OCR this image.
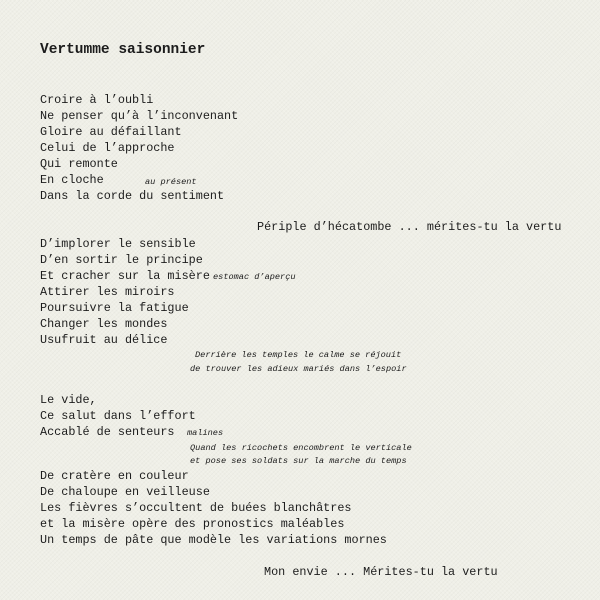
Vertumme saisonnier
Croire à l’oubli
Ne penser qu’à l’inconvenant
Gloire au défaillant
Celui de l’approche
Qui remonte
En cloche	au présent
Dans la corde du sentiment
Périple d’hécatombe ... mérites-tu la vertu
D’implorer le sensible
D’en sortir le principe
Et cracher sur la misère estomac d’aperçu
Attirer les miroirs
Poursuivre la fatigue
Changer les mondes
Usufruit au délice
Derrière les temples le calme se réjouit
de trouver les adieux mariés dans l’espoir
Le vide,
Ce salut dans l’effort
Accablé de senteurs malines
Quand les ricochets encombrent le verticale
et pose ses soldats sur la marche du temps
De cratère en couleur
De chaloupe en veilleuse
Les fièvres s’occultent de buées blanchâtres
et la misère opère des pronostics maléables
Un temps de pâte que modèle les variations mornes
Mon envie ... Mérites-tu la vertu
